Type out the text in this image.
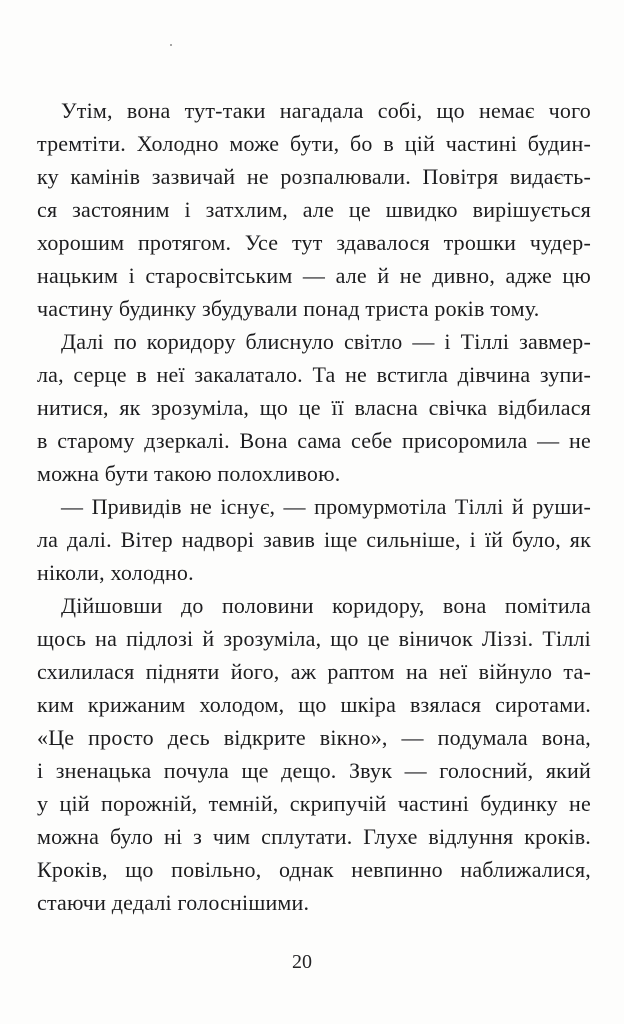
Утім, вона тут-таки нагадала собі, що немає чого
тремтіти. Холодно може бути, бо в цій частині будин-
ку камінів зазвичай не розпалювали. Повітря видаєть-
ся застояним і затхлим, але це швидко вирішується
хорошим протягом. Усе тут здавалося трошки чудер-
нацьким і старосвітським — але й не дивно, адже цю
частину будинку збудували понад триста років тому.
Далі по коридору блиснуло світло — і Тіллі завмер-
ла, серце в неї закалатало. Та не встигла дівчина зупи-
нитися, як зрозуміла, що це її власна свічка відбилася
в старому дзеркалі. Вона сама себе присоромила — не
можна бути такою полохливою.
— Привидів не існує, — промурмотіла Тіллі й руши-
ла далі. Вітер надворі завив іще сильніше, і їй було, як
ніколи, холодно.
Дійшовши до половини коридору, вона помітила
щось на підлозі й зрозуміла, що це віничок Ліззі. Тіллі
схилилася підняти його, аж раптом на неї війнуло та-
ким крижаним холодом, що шкіра взялася сиротами.
«Це просто десь відкрите вікно», — подумала вона,
і зненацька почула ще дещо. Звук — голосний, який
у цій порожній, темній, скрипучій частині будинку не
можна було ні з чим сплутати. Глухе відлуння кроків.
Кроків, що повільно, однак невпинно наближалися,
стаючи дедалі голоснішими.
20
